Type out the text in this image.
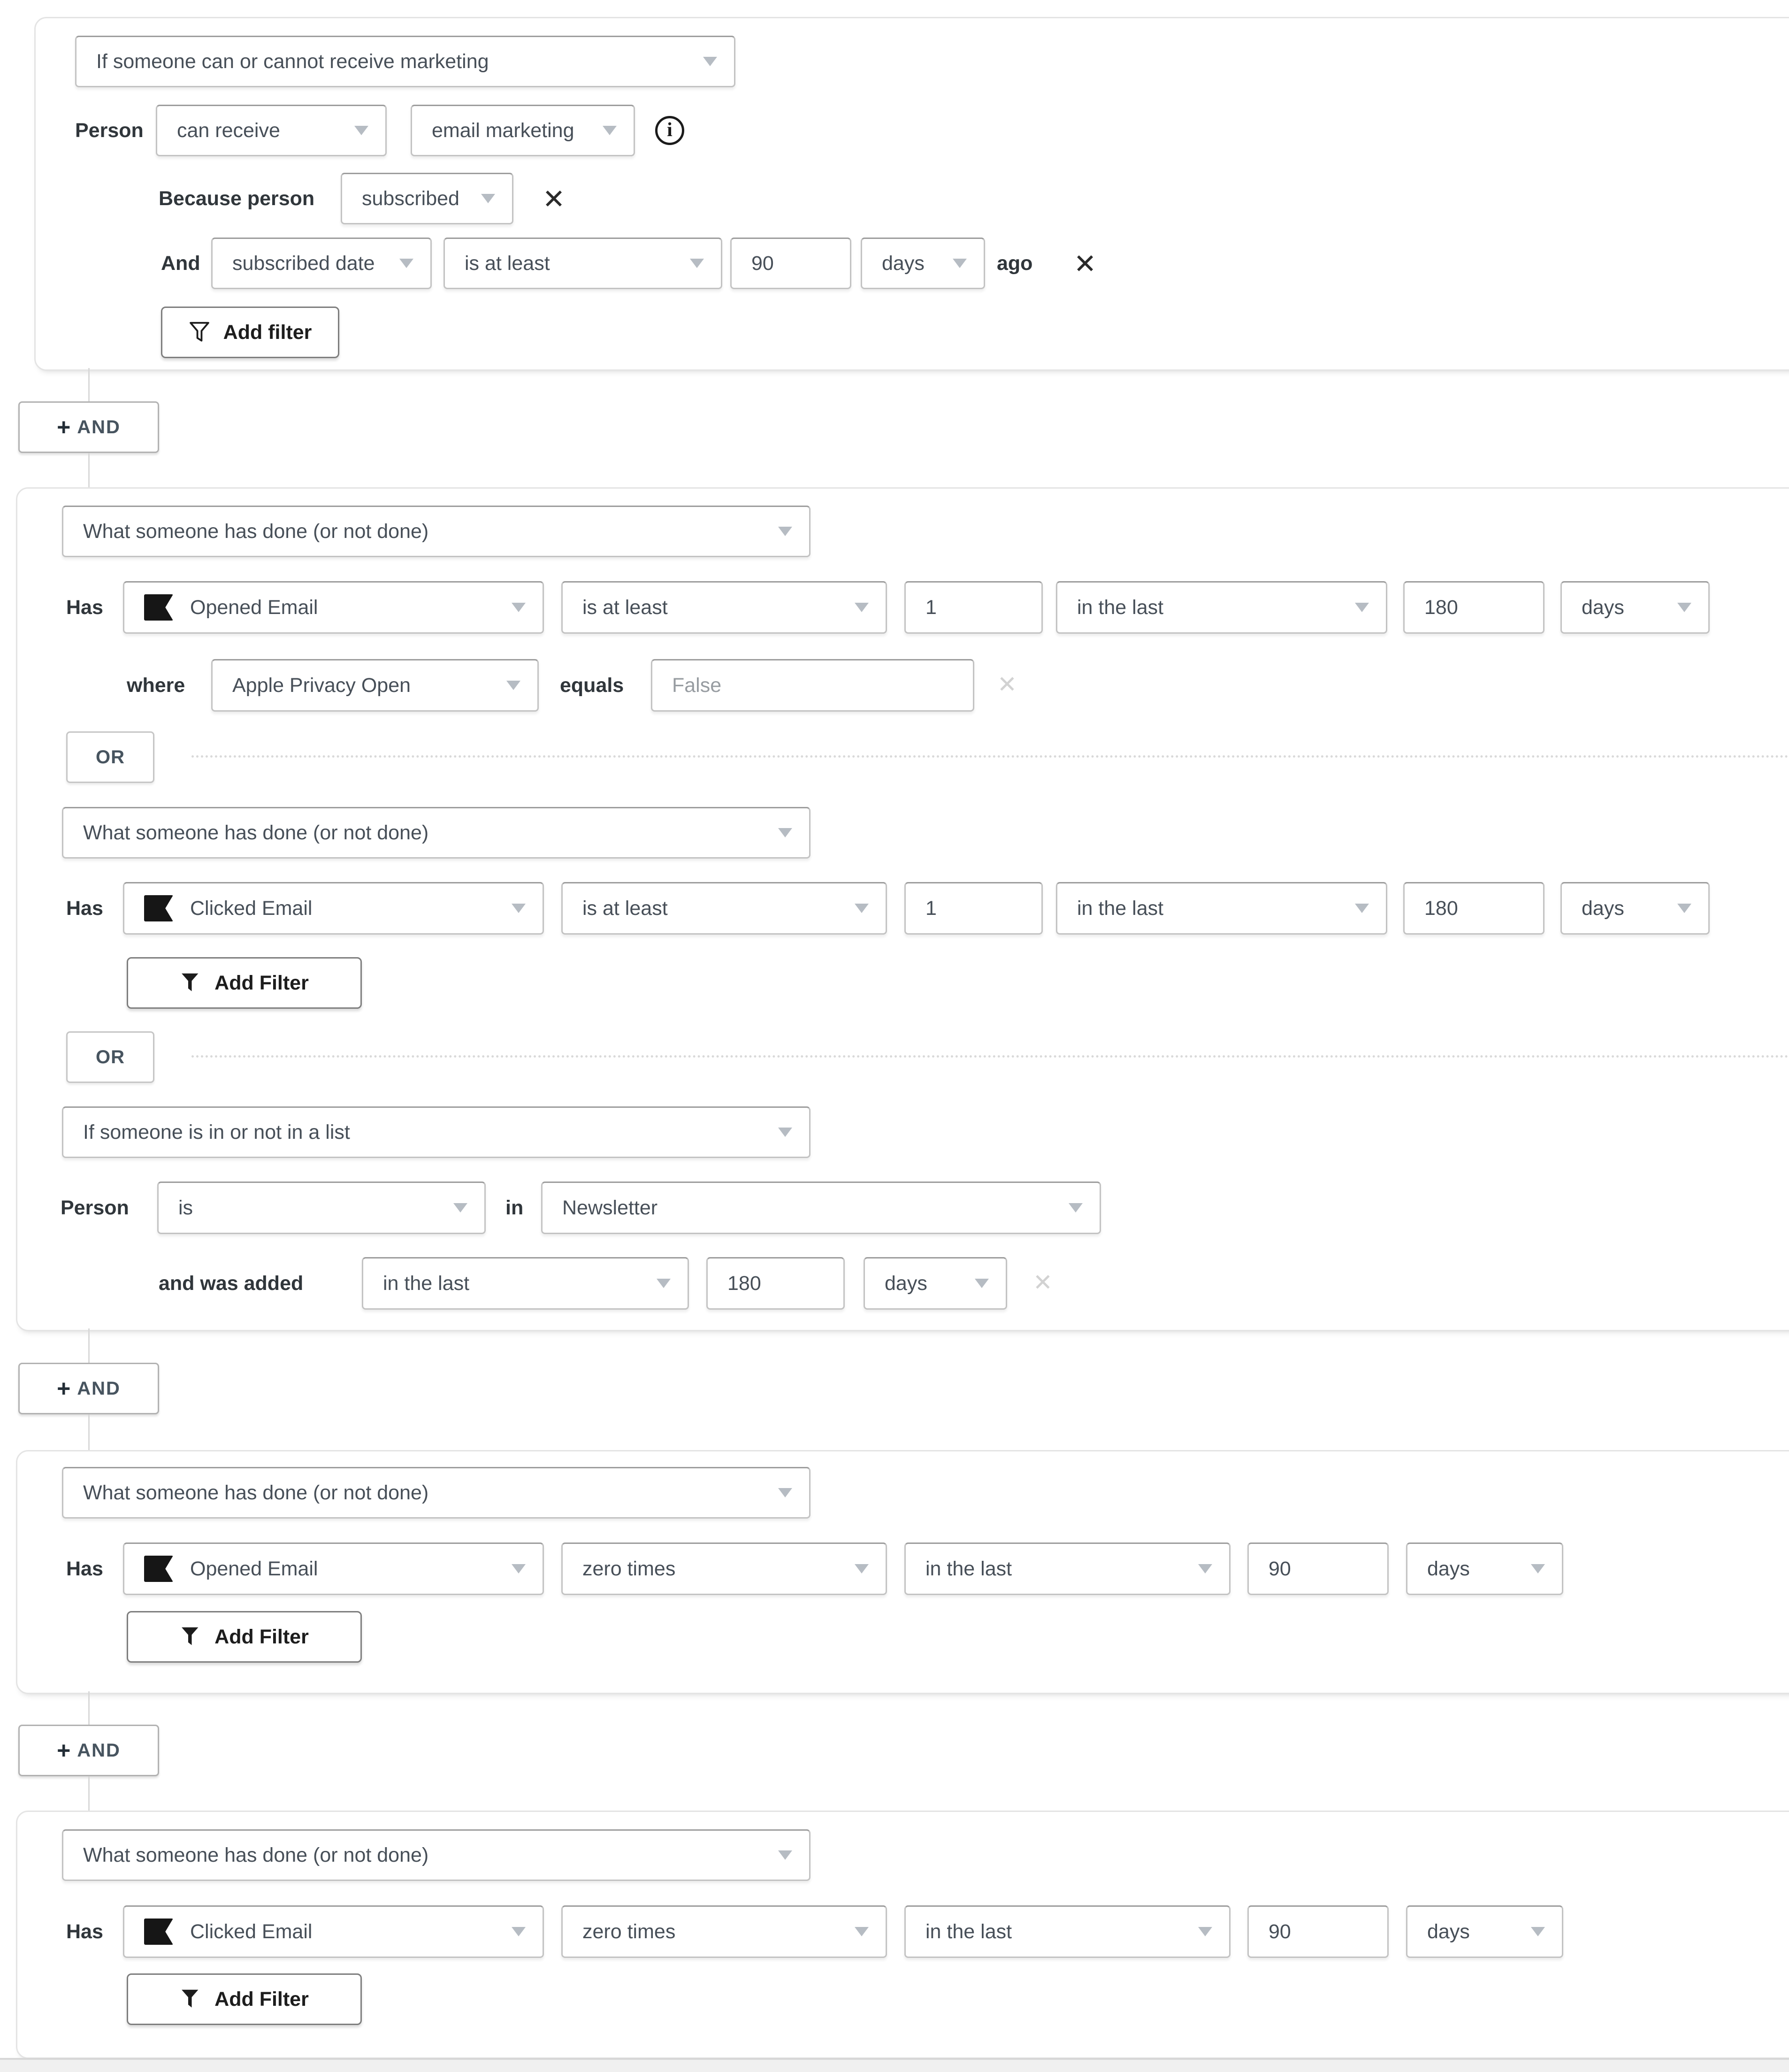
If someone can or cannot receive marketing
Person	can receive	email marketing
i
Because person	subscribed
✕
And subscribed date	is at least	90	days	ago
✕
Add filter
+ AND
What someone has done (or not done)
Has	Opened Email	is at least	1	in the last	180	days
where	Apple Privacy Open	equals	False
✕
OR
What someone has done (or not done)
Has	Clicked Email	is at least	1	in the last	180	days
Add Filter
OR
If someone is in or not in a list
Person	is	in	Newsletter
and was added	in the last	180	days
✕
+ AND
What someone has done (or not done)
Has	Opened Email	zero times	in the last	90	days
Add Filter
+ AND
What someone has done (or not done)
Has	Clicked Email	zero times	in the last	90	days
Add Filter
